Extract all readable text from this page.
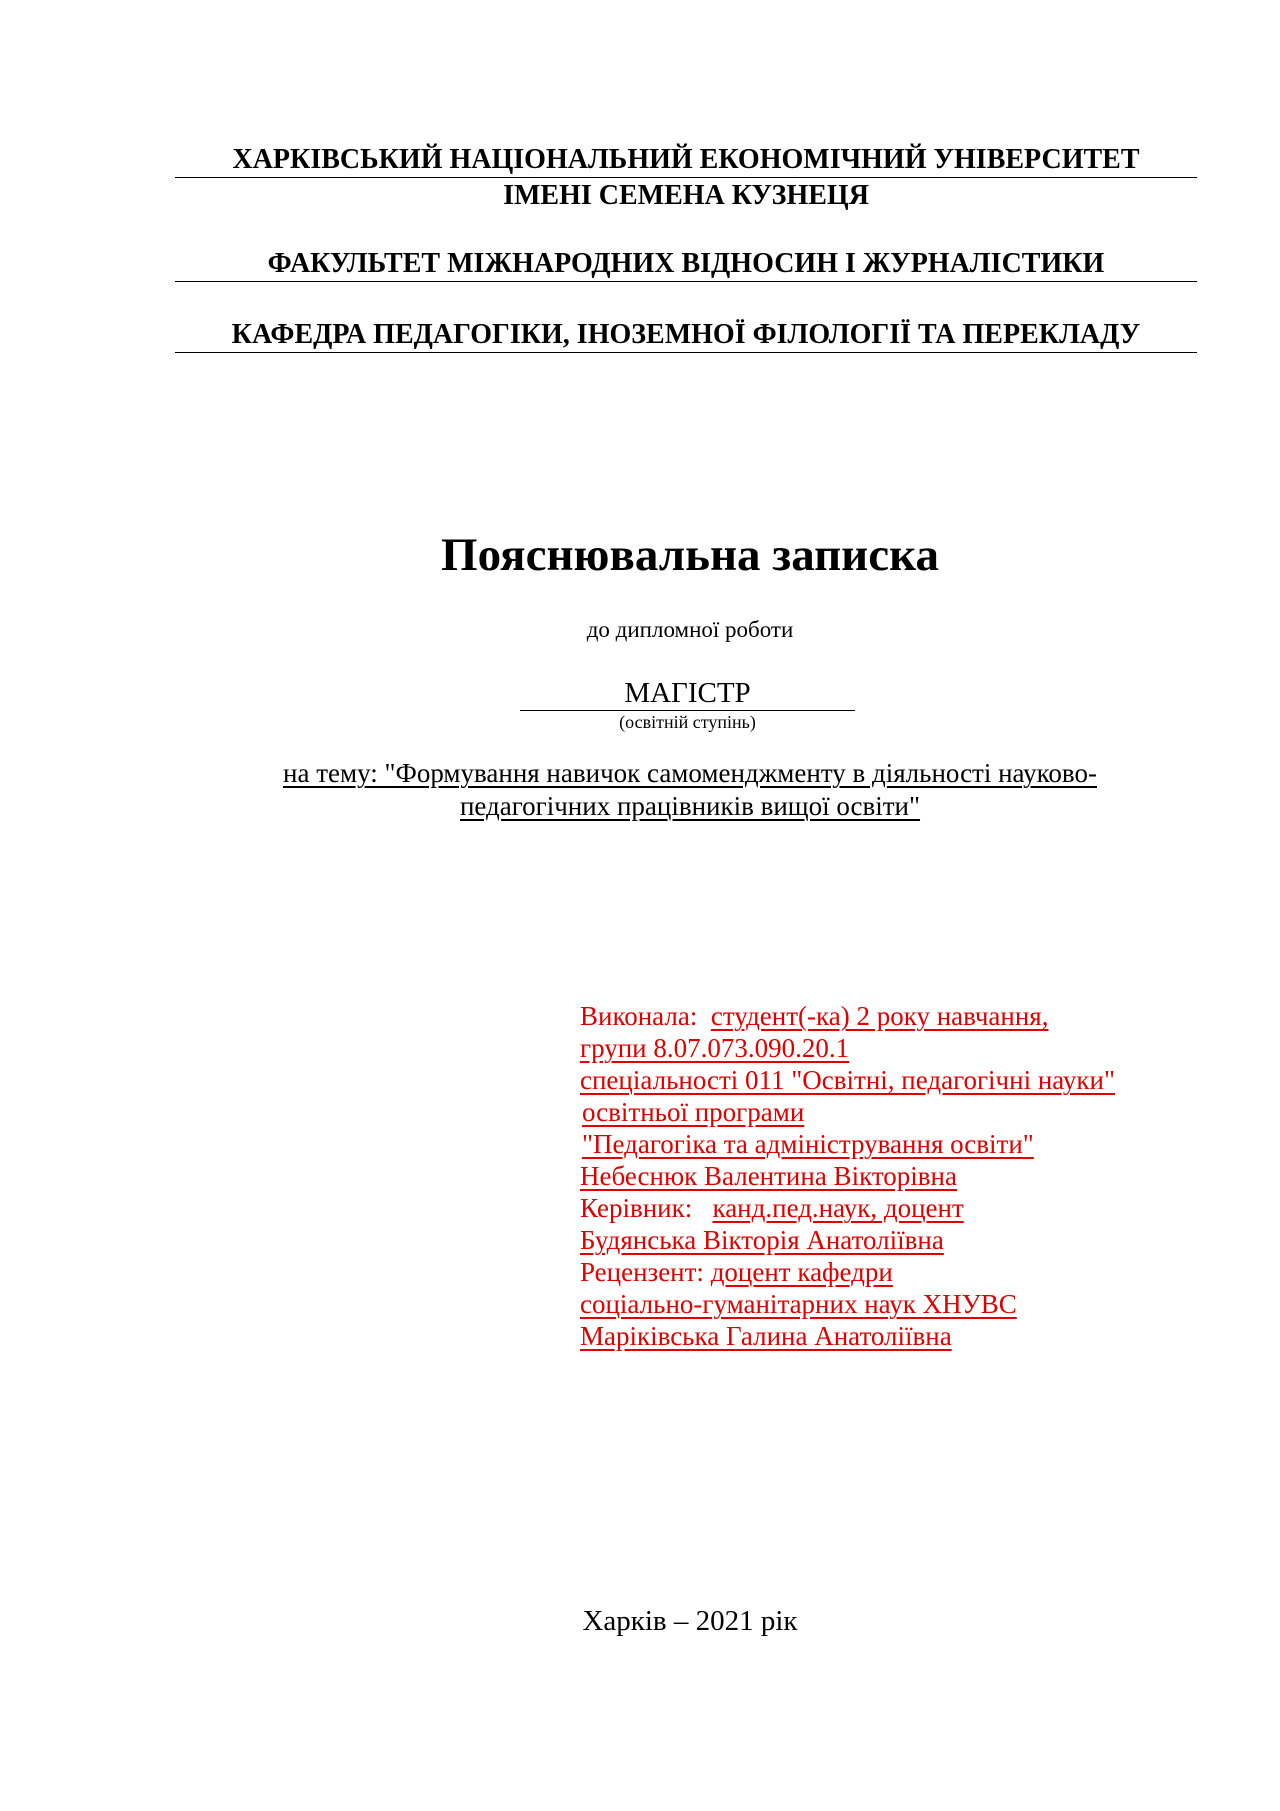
ХАРКІВСЬКИЙ НАЦІОНАЛЬНИЙ ЕКОНОМІЧНИЙ УНІВЕРСИТЕТ
ІМЕНІ СЕМЕНА КУЗНЕЦЯ
ФАКУЛЬТЕТ МІЖНАРОДНИХ ВІДНОСИН І ЖУРНАЛІСТИКИ
КАФЕДРА ПЕДАГОГІКИ, ІНОЗЕМНОЇ ФІЛОЛОГІЇ ТА ПЕРЕКЛАДУ
Пояснювальна записка
до дипломної роботи
МАГІСТР
(освітній ступінь)
на тему: "Формування навичок самоменджменту в діяльності науково-
педагогічних працівників вищої освіти"
Виконала: студент(-ка) 2 року навчання,
групи 8.07.073.090.20.1
спеціальності 011 "Освітні, педагогічні науки"
освітньої програми
"Педагогіка та адміністрування освіти"
Небеснюк Валентина Вікторівна
Керівник: канд.пед.наук, доцент
Будянська Вікторія Анатоліївна
Рецензент: доцент кафедри
соціально-гуманітарних наук ХНУВС
Маріківська Галина Анатоліївна
Харків – 2021 рік
